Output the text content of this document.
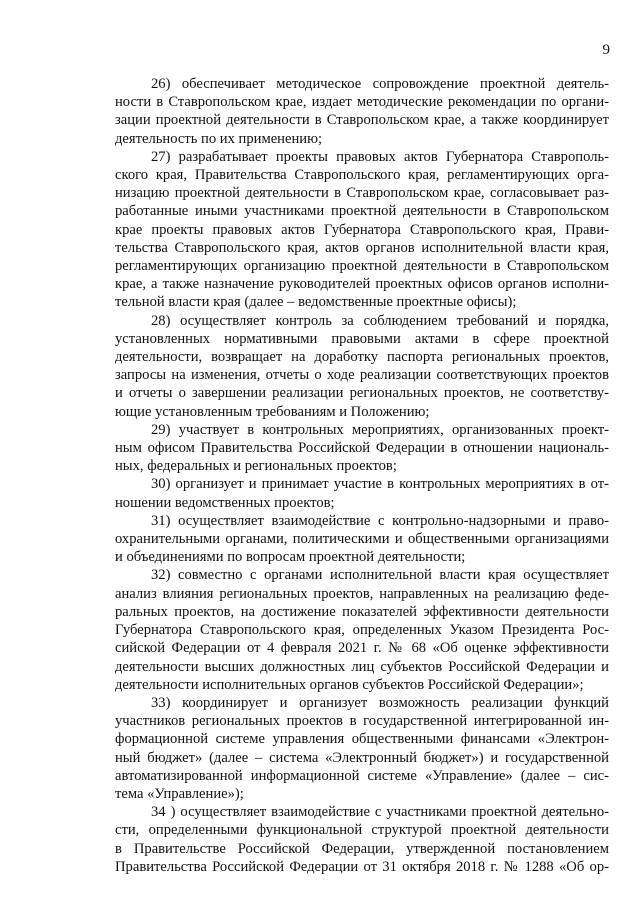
9

26) обеспечивает методическое сопровождение проектной деятель-
ности в Ставропольском крае, издает методические рекомендации по органи-
зации проектной деятельности в Ставропольском крае, а также координирует
деятельность по их применению;

27) разрабатывает проекты правовых актов Губернатора Ставрополь-
ского края, Правительства Ставропольского края, регламентирующих орга-
низацию проектной деятельности в Ставропольском крае, согласовывает раз-
работанные иными участниками проектной деятельности в Ставропольском
крае проекты правовых актов Губернатора Ставропольского края, Прави-
тельства Ставропольского края, актов органов исполнительной власти края,
регламентирующих организацию проектной деятельности в Ставропольском
крае, а также назначение руководителей проектных офисов органов исполни-
тельной власти края (далее – ведомственные проектные офисы);

28) осуществляет контроль за соблюдением требований и порядка,
установленных нормативными правовыми актами в сфере проектной
деятельности, возвращает на доработку паспорта региональных проектов,
запросы на изменения, отчеты о ходе реализации соответствующих проектов
и отчеты о завершении реализации региональных проектов, не соответству-
ющие установленным требованиям и Положению;

29) участвует в контрольных мероприятиях, организованных проект-
ным офисом Правительства Российской Федерации в отношении националь-
ных, федеральных и региональных проектов;

30) организует и принимает участие в контрольных мероприятиях в от-
ношении ведомственных проектов;

31) осуществляет взаимодействие с контрольно-надзорными и право-
охранительными органами, политическими и общественными организациями
и объединениями по вопросам проектной деятельности;

32) совместно с органами исполнительной власти края осуществляет
анализ влияния региональных проектов, направленных на реализацию феде-
ральных проектов, на достижение показателей эффективности деятельности
Губернатора Ставропольского края, определенных Указом Президента Рос-
сийской Федерации от 4 февраля 2021 г. № 68 «Об оценке эффективности
деятельности высших должностных лиц субъектов Российской Федерации и
деятельности исполнительных органов субъектов Российской Федерации»;

33) координирует и организует возможность реализации функций
участников региональных проектов в государственной интегрированной ин-
формационной системе управления общественными финансами «Электрон-
ный бюджет» (далее – система «Электронный бюджет») и государственной
автоматизированной информационной системе «Управление» (далее – сис-
тема «Управление»);

34 ) осуществляет взаимодействие с участниками проектной деятельно-
сти, определенными функциональной структурой проектной деятельности
в Правительстве Российской Федерации, утвержденной постановлением
Правительства Российской Федерации от 31 октября 2018 г. № 1288 «Об ор-
